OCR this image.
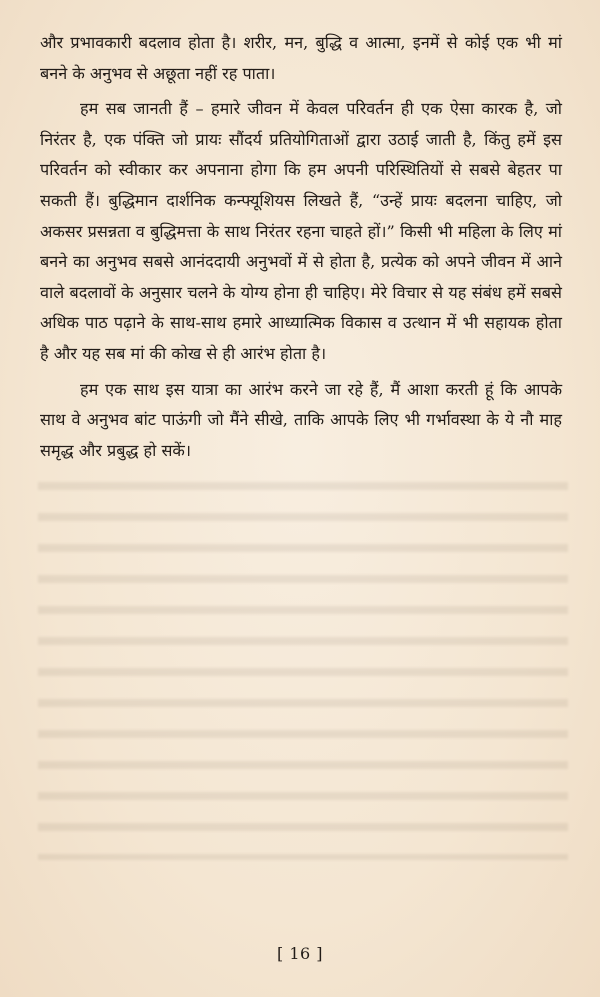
और प्रभावकारी बदलाव होता है। शरीर, मन, बुद्धि व आत्मा, इनमें से कोई एक भी मां बनने के अनुभव से अछूता नहीं रह पाता।

हम सब जानती हैं – हमारे जीवन में केवल परिवर्तन ही एक ऐसा कारक है, जो निरंतर है, एक पंक्ति जो प्रायः सौंदर्य प्रतियोगिताओं द्वारा उठाई जाती है, किंतु हमें इस परिवर्तन को स्वीकार कर अपनाना होगा कि हम अपनी परिस्थितियों से सबसे बेहतर पा सकती हैं। बुद्धिमान दार्शनिक कन्फ्यूशियस लिखते हैं, “उन्हें प्रायः बदलना चाहिए, जो अकसर प्रसन्नता व बुद्धिमत्ता के साथ निरंतर रहना चाहते हों।” किसी भी महिला के लिए मां बनने का अनुभव सबसे आनंददायी अनुभवों में से होता है, प्रत्येक को अपने जीवन में आने वाले बदलावों के अनुसार चलने के योग्य होना ही चाहिए। मेरे विचार से यह संबंध हमें सबसे अधिक पाठ पढ़ाने के साथ-साथ हमारे आध्यात्मिक विकास व उत्थान में भी सहायक होता है और यह सब मां की कोख से ही आरंभ होता है।

हम एक साथ इस यात्रा का आरंभ करने जा रहे हैं, मैं आशा करती हूं कि आपके साथ वे अनुभव बांट पाऊंगी जो मैंने सीखे, ताकि आपके लिए भी गर्भावस्था के ये नौ माह समृद्ध और प्रबुद्ध हो सकें।

[ 16 ]
